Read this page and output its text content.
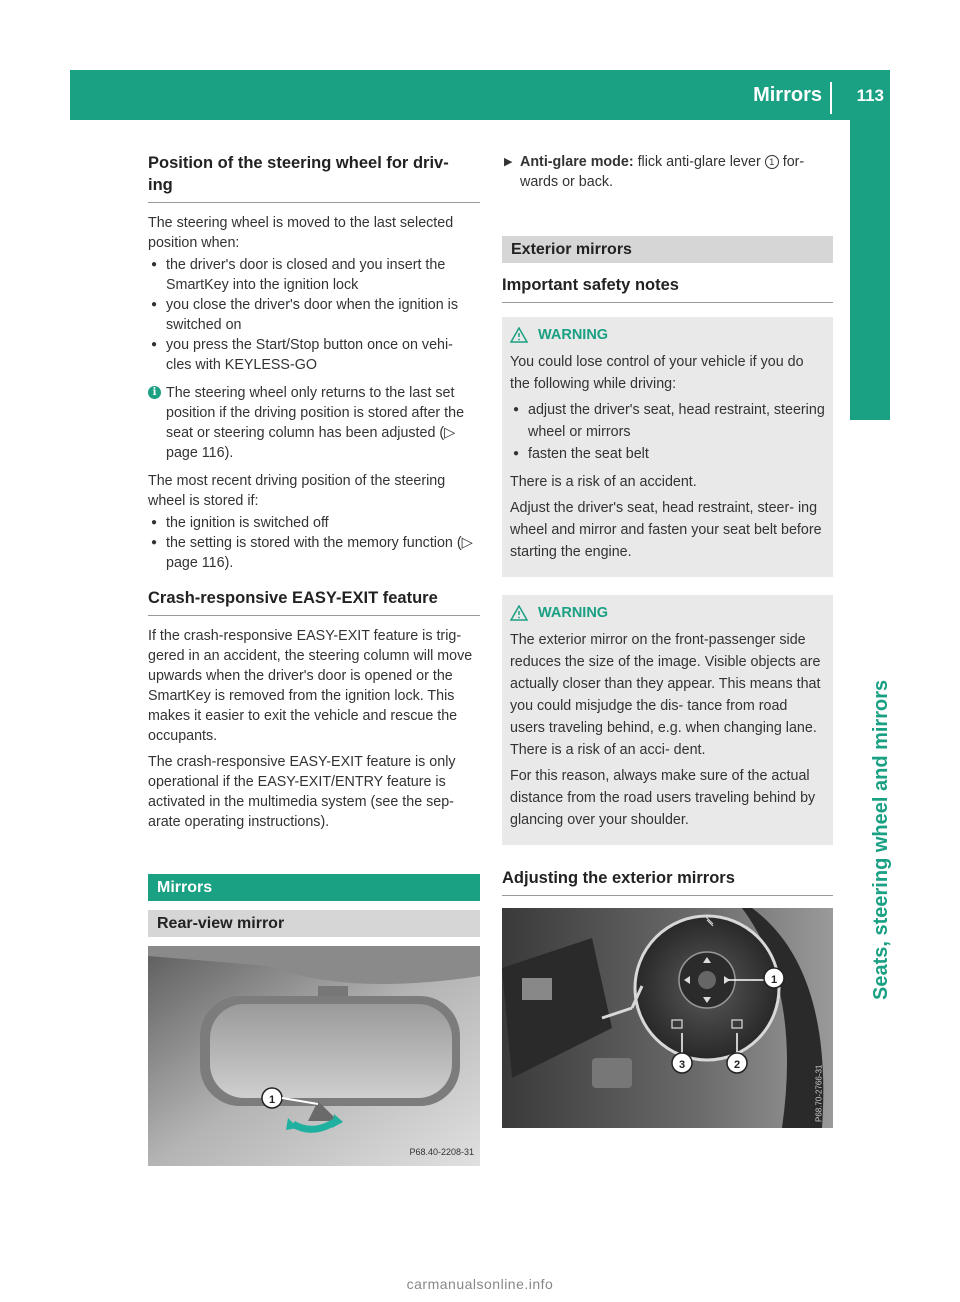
Mirrors 113
Seats, steering wheel and mirrors
Position of the steering wheel for driv-
ing

The steering wheel is moved to the last selected position when:

● the driver's door is closed and you insert the SmartKey into the ignition lock
● you close the driver's door when the ignition is switched on
● you press the Start/Stop button once on vehi- cles with KEYLESS-GO
i The steering wheel only returns to the last set position if the driving position is stored after the seat or steering column has been adjusted (▷ page 116).

The most recent driving position of the steering wheel is stored if:

● the ignition is switched off
● the setting is stored with the memory function (▷ page 116).
Crash-responsive EASY-EXIT feature

If the crash-responsive EASY-EXIT feature is trig- gered in an accident, the steering column will move upwards when the driver's door is opened or the SmartKey is removed from the ignition lock. This makes it easier to exit the vehicle and rescue the occupants.

The crash-responsive EASY-EXIT feature is only operational if the EASY-EXIT/ENTRY feature is activated in the multimedia system (see the sep- arate operating instructions).

Mirrors
Rear-view mirror
1
P68.40-2208-31
▶ Anti-glare mode: flick anti-glare lever 1 for- wards or back.
Exterior mirrors
Important safety notes
WARNING

You could lose control of your vehicle if you do the following while driving:

● adjust the driver's seat, head restraint, steering wheel or mirrors
● fasten the seat belt

There is a risk of an accident.

Adjust the driver's seat, head restraint, steer- ing wheel and mirror and fasten your seat belt before starting the engine.

WARNING

The exterior mirror on the front-passenger side reduces the size of the image. Visible objects are actually closer than they appear. This means that you could misjudge the dis- tance from road users traveling behind, e.g. when changing lane. There is a risk of an acci- dent.

For this reason, always make sure of the actual distance from the road users traveling behind by glancing over your shoulder.

Adjusting the exterior mirrors
1
2
3	P68.70-2766-31
carmanualsonline.info
